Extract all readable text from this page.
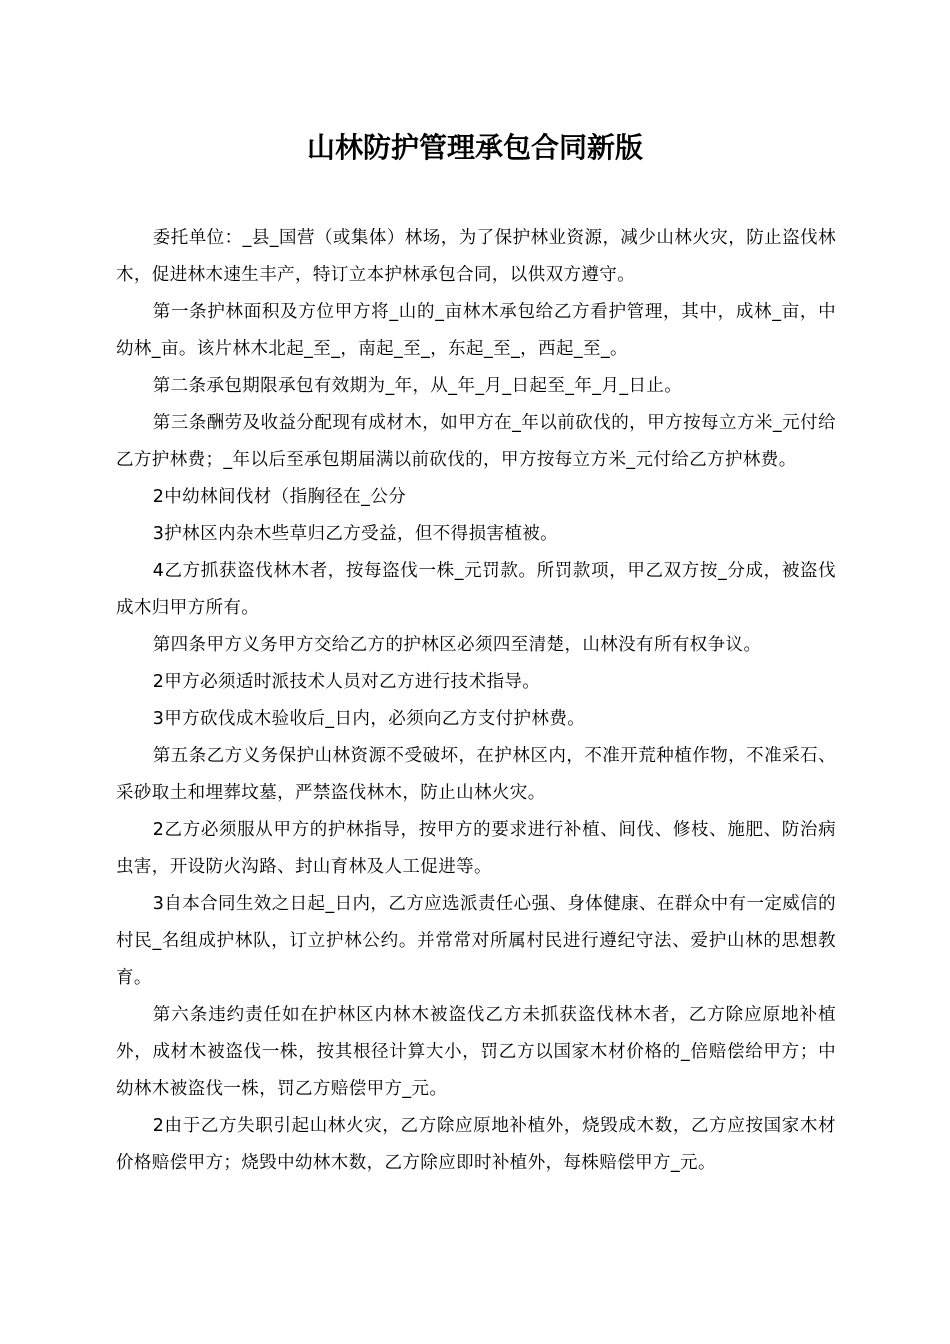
山林防护管理承包合同新版

委托单位：_县_国营（或集体）林场，为了保护林业资源，减少山林火灾，防止盗伐林木，促进林木速生丰产，特订立本护林承包合同，以供双方遵守。

第一条护林面积及方位甲方将_山的_亩林木承包给乙方看护管理，其中，成林_亩，中幼林_亩。该片林木北起_至_，南起_至_，东起_至_，西起_至_。

第二条承包期限承包有效期为_年，从_年_月_日起至_年_月_日止。

第三条酬劳及收益分配现有成材木，如甲方在_年以前砍伐的，甲方按每立方米_元付给乙方护林费；_年以后至承包期届满以前砍伐的，甲方按每立方米_元付给乙方护林费。

2中幼林间伐材（指胸径在_公分

3护林区内杂木些草归乙方受益，但不得损害植被。

4乙方抓获盗伐林木者，按每盗伐一株_元罚款。所罚款项，甲乙双方按_分成，被盗伐成木归甲方所有。

第四条甲方义务甲方交给乙方的护林区必须四至清楚，山林没有所有权争议。

2甲方必须适时派技术人员对乙方进行技术指导。

3甲方砍伐成木验收后_日内，必须向乙方支付护林费。

第五条乙方义务保护山林资源不受破坏，在护林区内，不准开荒种植作物，不准采石、采砂取土和埋葬坟墓，严禁盗伐林木，防止山林火灾。

2乙方必须服从甲方的护林指导，按甲方的要求进行补植、间伐、修枝、施肥、防治病虫害，开设防火沟路、封山育林及人工促进等。

3自本合同生效之日起_日内，乙方应选派责任心强、身体健康、在群众中有一定威信的村民_名组成护林队，订立护林公约。并常常对所属村民进行遵纪守法、爱护山林的思想教育。

第六条违约责任如在护林区内林木被盗伐乙方未抓获盗伐林木者，乙方除应原地补植外，成材木被盗伐一株，按其根径计算大小，罚乙方以国家木材价格的_倍赔偿给甲方；中幼林木被盗伐一株，罚乙方赔偿甲方_元。

2由于乙方失职引起山林火灾，乙方除应原地补植外，烧毁成木数，乙方应按国家木材价格赔偿甲方；烧毁中幼林木数，乙方除应即时补植外，每株赔偿甲方_元。
